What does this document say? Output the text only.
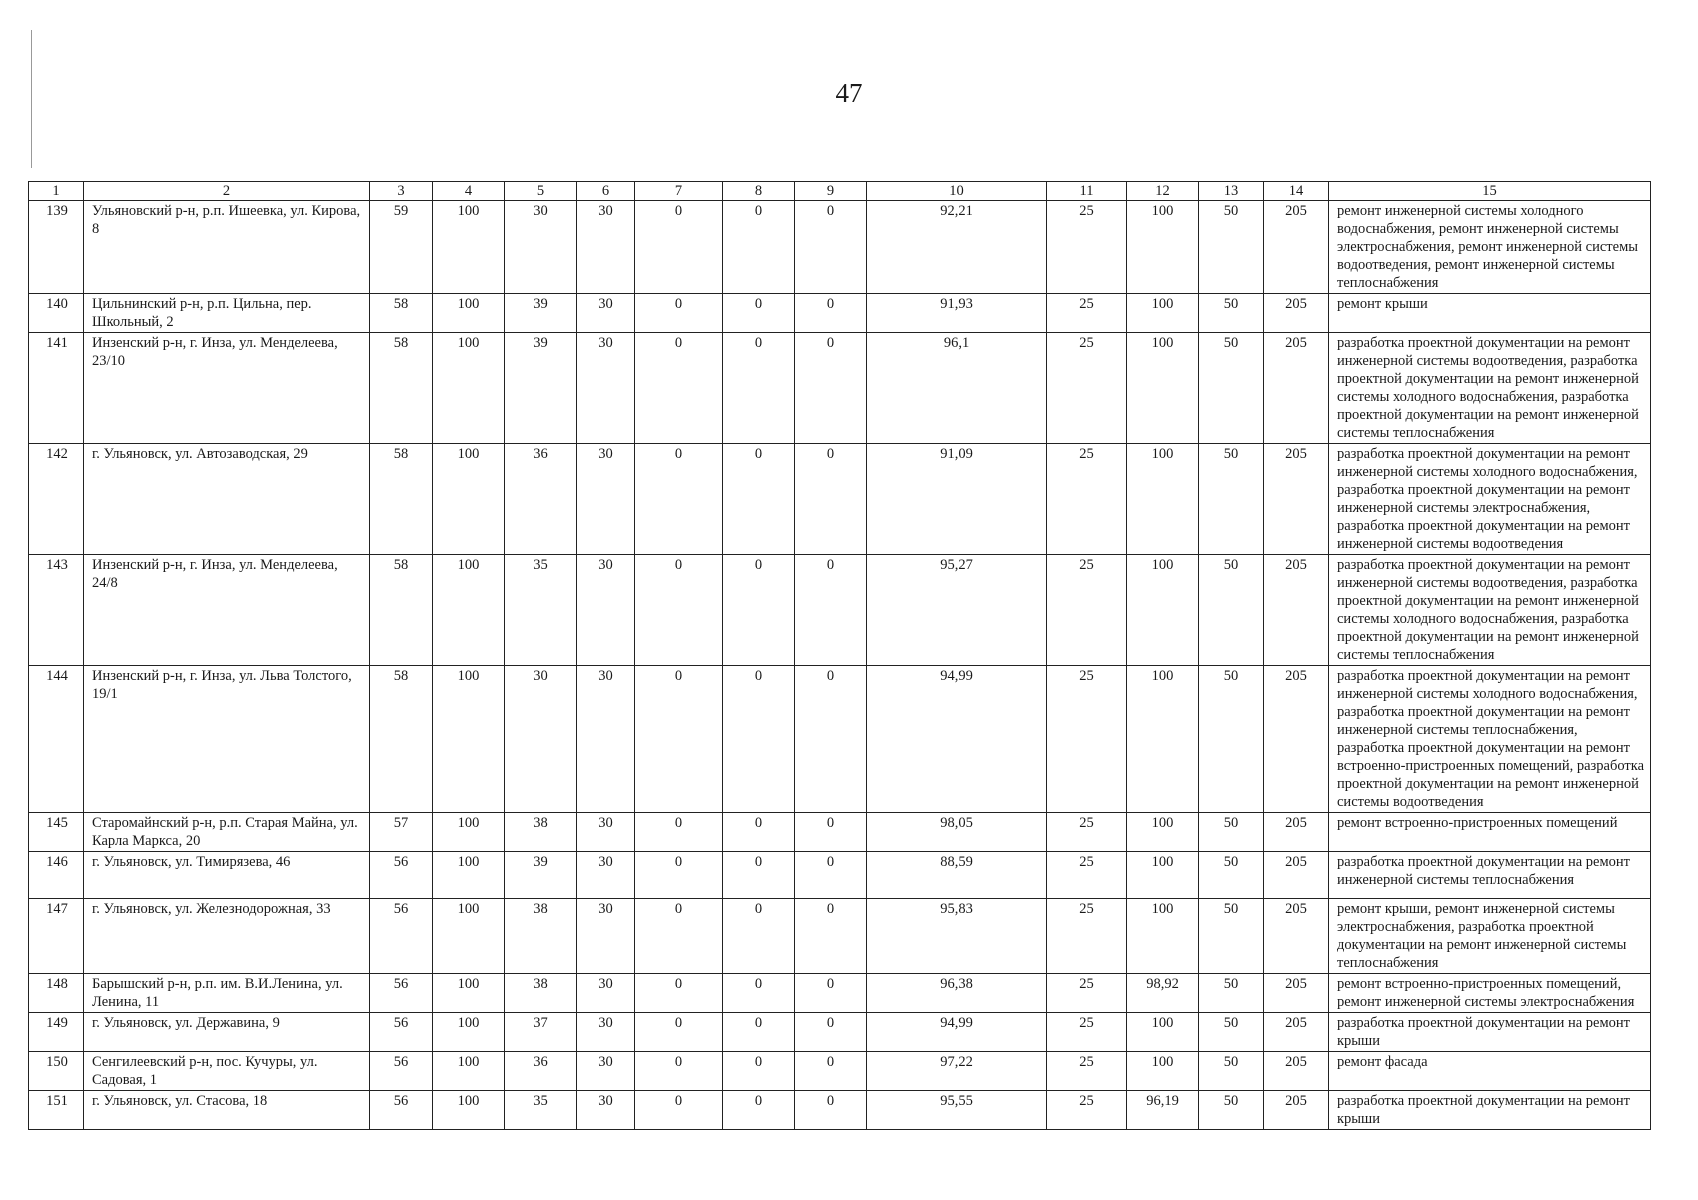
47
1	2	3	4	5	6	7	8	9	10	11	12	13	14	15
139	Ульяновский р-н, р.п. Ишеевка, ул. Кирова, 8	59	100	30	30	0	0	0	92,21	25	100	50	205	ремонт инженерной системы холодного водоснабжения, ремонт инженерной системы электроснабжения, ремонт инженерной системы водоотведения, ремонт инженерной системы теплоснабжения
140	Цильнинский р-н, р.п. Цильна, пер. Школьный, 2	58	100	39	30	0	0	0	91,93	25	100	50	205	ремонт крыши
141	Инзенский р-н, г. Инза, ул. Менделеева, 23/10	58	100	39	30	0	0	0	96,1	25	100	50	205	разработка проектной документации на ремонт инженерной системы водоотведения, разработка проектной документации на ремонт инженерной системы холодного водоснабжения, разработка проектной документации на ремонт инженерной системы теплоснабжения
142	г. Ульяновск, ул. Автозаводская, 29	58	100	36	30	0	0	0	91,09	25	100	50	205	разработка проектной документации на ремонт инженерной системы холодного водоснабжения, разработка проектной документации на ремонт инженерной системы электроснабжения, разработка проектной документации на ремонт инженерной системы водоотведения
143	Инзенский р-н, г. Инза, ул. Менделеева, 24/8	58	100	35	30	0	0	0	95,27	25	100	50	205	разработка проектной документации на ремонт инженерной системы водоотведения, разработка проектной документации на ремонт инженерной системы холодного водоснабжения, разработка проектной документации на ремонт инженерной системы теплоснабжения
144	Инзенский р-н, г. Инза, ул. Льва Толстого, 19/1	58	100	30	30	0	0	0	94,99	25	100	50	205	разработка проектной документации на ремонт инженерной системы холодного водоснабжения, разработка проектной документации на ремонт инженерной системы теплоснабжения, разработка проектной документации на ремонт встроенно-пристроенных помещений, разработка проектной документации на ремонт инженерной системы водоотведения
145	Старомайнский р-н, р.п. Старая Майна, ул. Карла Маркса, 20	57	100	38	30	0	0	0	98,05	25	100	50	205	ремонт встроенно-пристроенных помещений
146	г. Ульяновск, ул. Тимирязева, 46	56	100	39	30	0	0	0	88,59	25	100	50	205	разработка проектной документации на ремонт инженерной системы теплоснабжения
147	г. Ульяновск, ул. Железнодорожная, 33	56	100	38	30	0	0	0	95,83	25	100	50	205	ремонт крыши, ремонт инженерной системы электроснабжения, разработка проектной документации на ремонт инженерной системы теплоснабжения
148	Барышский р-н, р.п. им. В.И.Ленина, ул. Ленина, 11	56	100	38	30	0	0	0	96,38	25	98,92	50	205	ремонт встроенно-пристроенных помещений, ремонт инженерной системы электроснабжения
149	г. Ульяновск, ул. Державина, 9	56	100	37	30	0	0	0	94,99	25	100	50	205	разработка проектной документации на ремонт крыши
150	Сенгилеевский р-н, пос. Кучуры, ул. Садовая, 1	56	100	36	30	0	0	0	97,22	25	100	50	205	ремонт фасада
151	г. Ульяновск, ул. Стасова, 18	56	100	35	30	0	0	0	95,55	25	96,19	50	205	разработка проектной документации на ремонт крыши
